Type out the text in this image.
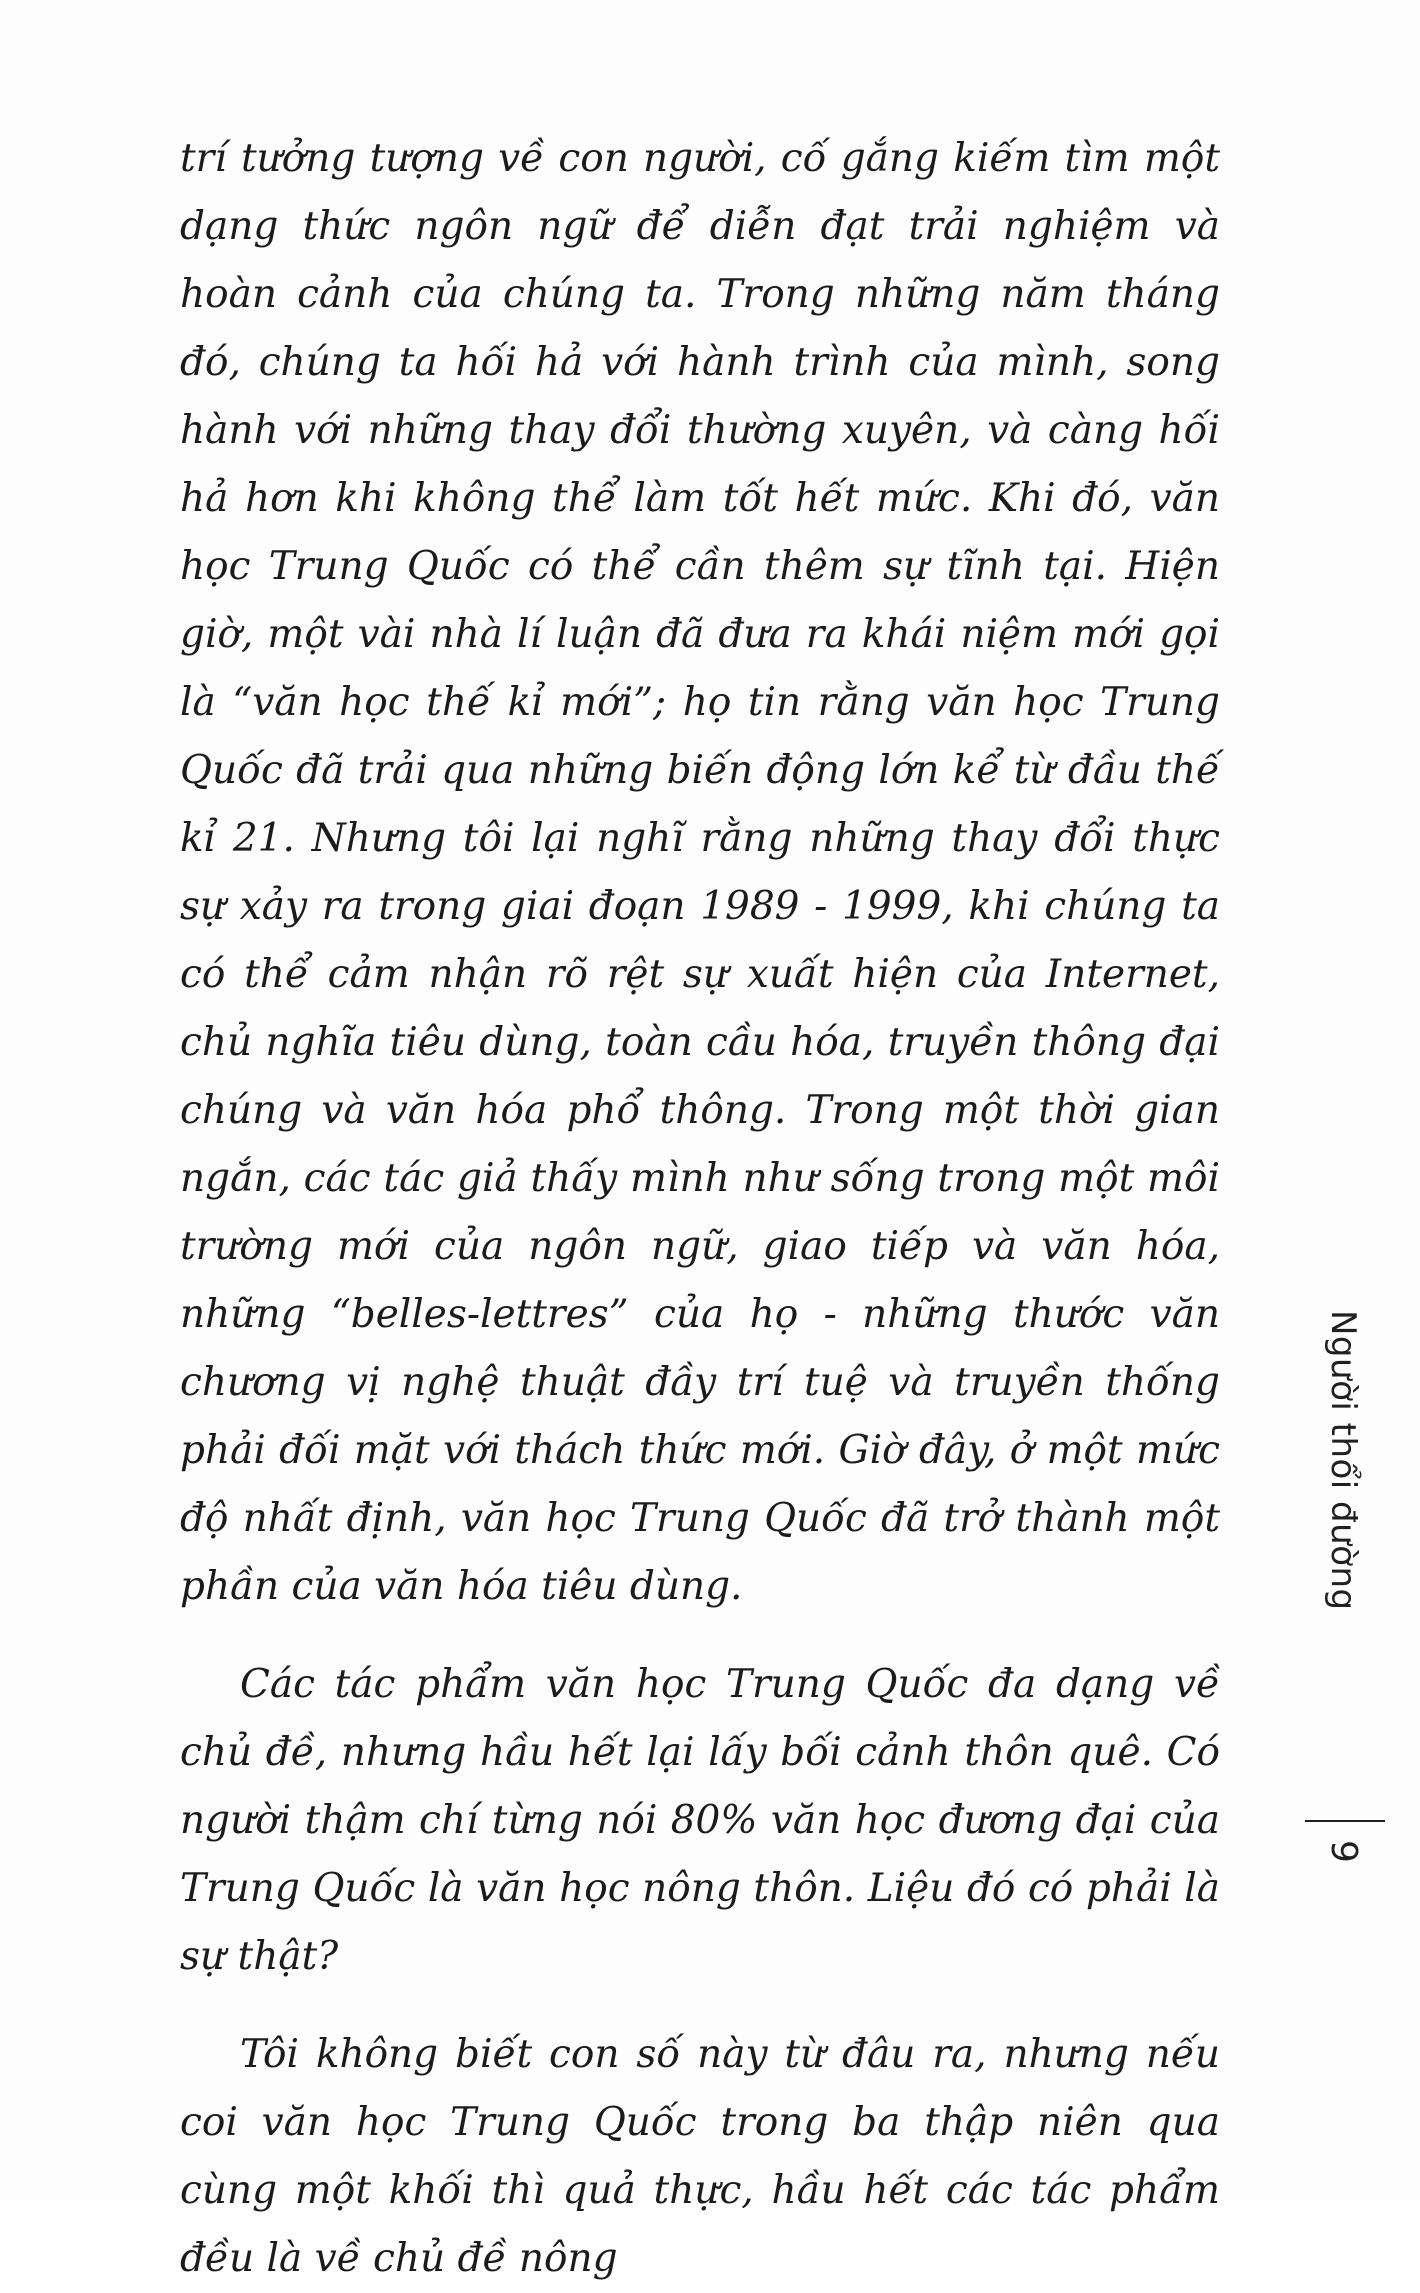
trí tưởng tượng về con người, cố gắng kiếm tìm một dạng thức ngôn ngữ để diễn đạt trải nghiệm và hoàn cảnh của chúng ta. Trong những năm tháng đó, chúng ta hối hả với hành trình của mình, song hành với những thay đổi thường xuyên, và càng hối hả hơn khi không thể làm tốt hết mức. Khi đó, văn học Trung Quốc có thể cần thêm sự tĩnh tại. Hiện giờ, một vài nhà lí luận đã đưa ra khái niệm mới gọi là “văn học thế kỉ mới”; họ tin rằng văn học Trung Quốc đã trải qua những biến động lớn kể từ đầu thế kỉ 21. Nhưng tôi lại nghĩ rằng những thay đổi thực sự xảy ra trong giai đoạn 1989 - 1999, khi chúng ta có thể cảm nhận rõ rệt sự xuất hiện của Internet, chủ nghĩa tiêu dùng, toàn cầu hóa, truyền thông đại chúng và văn hóa phổ thông. Trong một thời gian ngắn, các tác giả thấy mình như sống trong một môi trường mới của ngôn ngữ, giao tiếp và văn hóa, những “belles-lettres” của họ - những thước văn chương vị nghệ thuật đầy trí tuệ và truyền thống phải đối mặt với thách thức mới. Giờ đây, ở một mức độ nhất định, văn học Trung Quốc đã trở thành một phần của văn hóa tiêu dùng.

Các tác phẩm văn học Trung Quốc đa dạng về chủ đề, nhưng hầu hết lại lấy bối cảnh thôn quê. Có người thậm chí từng nói 80% văn học đương đại của Trung Quốc là văn học nông thôn. Liệu đó có phải là sự thật?

Tôi không biết con số này từ đâu ra, nhưng nếu coi văn học Trung Quốc trong ba thập niên qua cùng một khối thì quả thực, hầu hết các tác phẩm đều là về chủ đề nông

Người thổi đường
9
